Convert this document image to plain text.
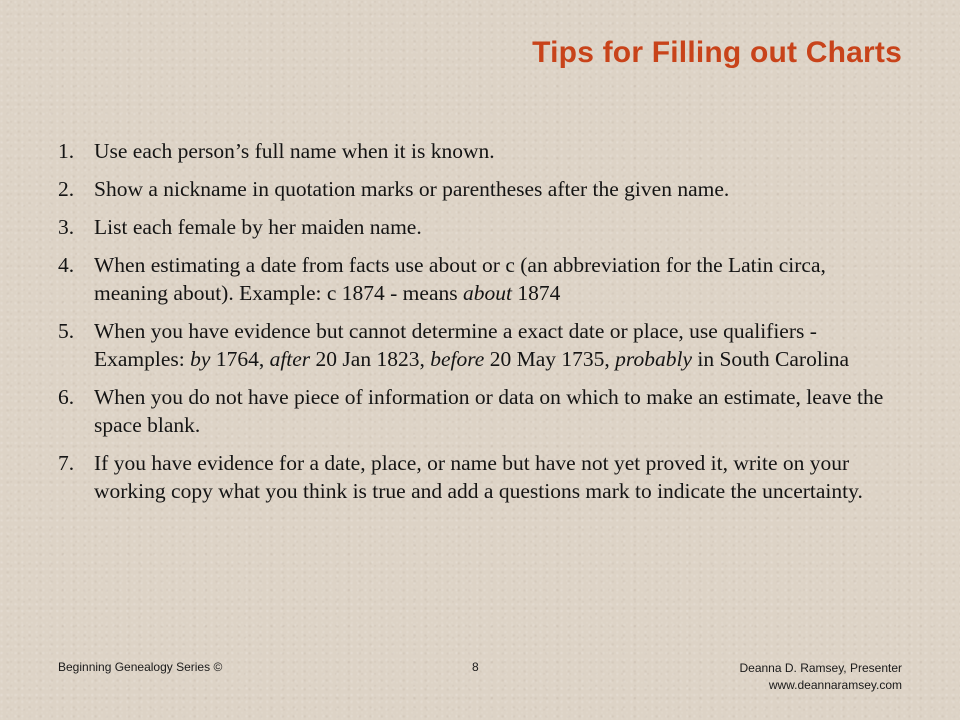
Tips for Filling out Charts
1. Use each person’s full name when it is known.
2. Show a nickname in quotation marks or parentheses after the given name.
3. List each female by her maiden name.
4. When estimating a date from facts use about or c (an abbreviation for the Latin circa, meaning about). Example: c 1874 - means about 1874
5. When you have evidence but cannot determine a exact date or place, use qualifiers - Examples: by 1764, after 20 Jan 1823, before 20 May 1735, probably in South Carolina
6. When you do not have piece of information or data on which to make an estimate, leave the space blank.
7. If you have evidence for a date, place, or name but have not yet proved it, write on your working copy what you think is true and add a questions mark to indicate the uncertainty.
Beginning Genealogy Series ©	8	Deanna D. Ramsey, Presenter
www.deannaramsey.com
